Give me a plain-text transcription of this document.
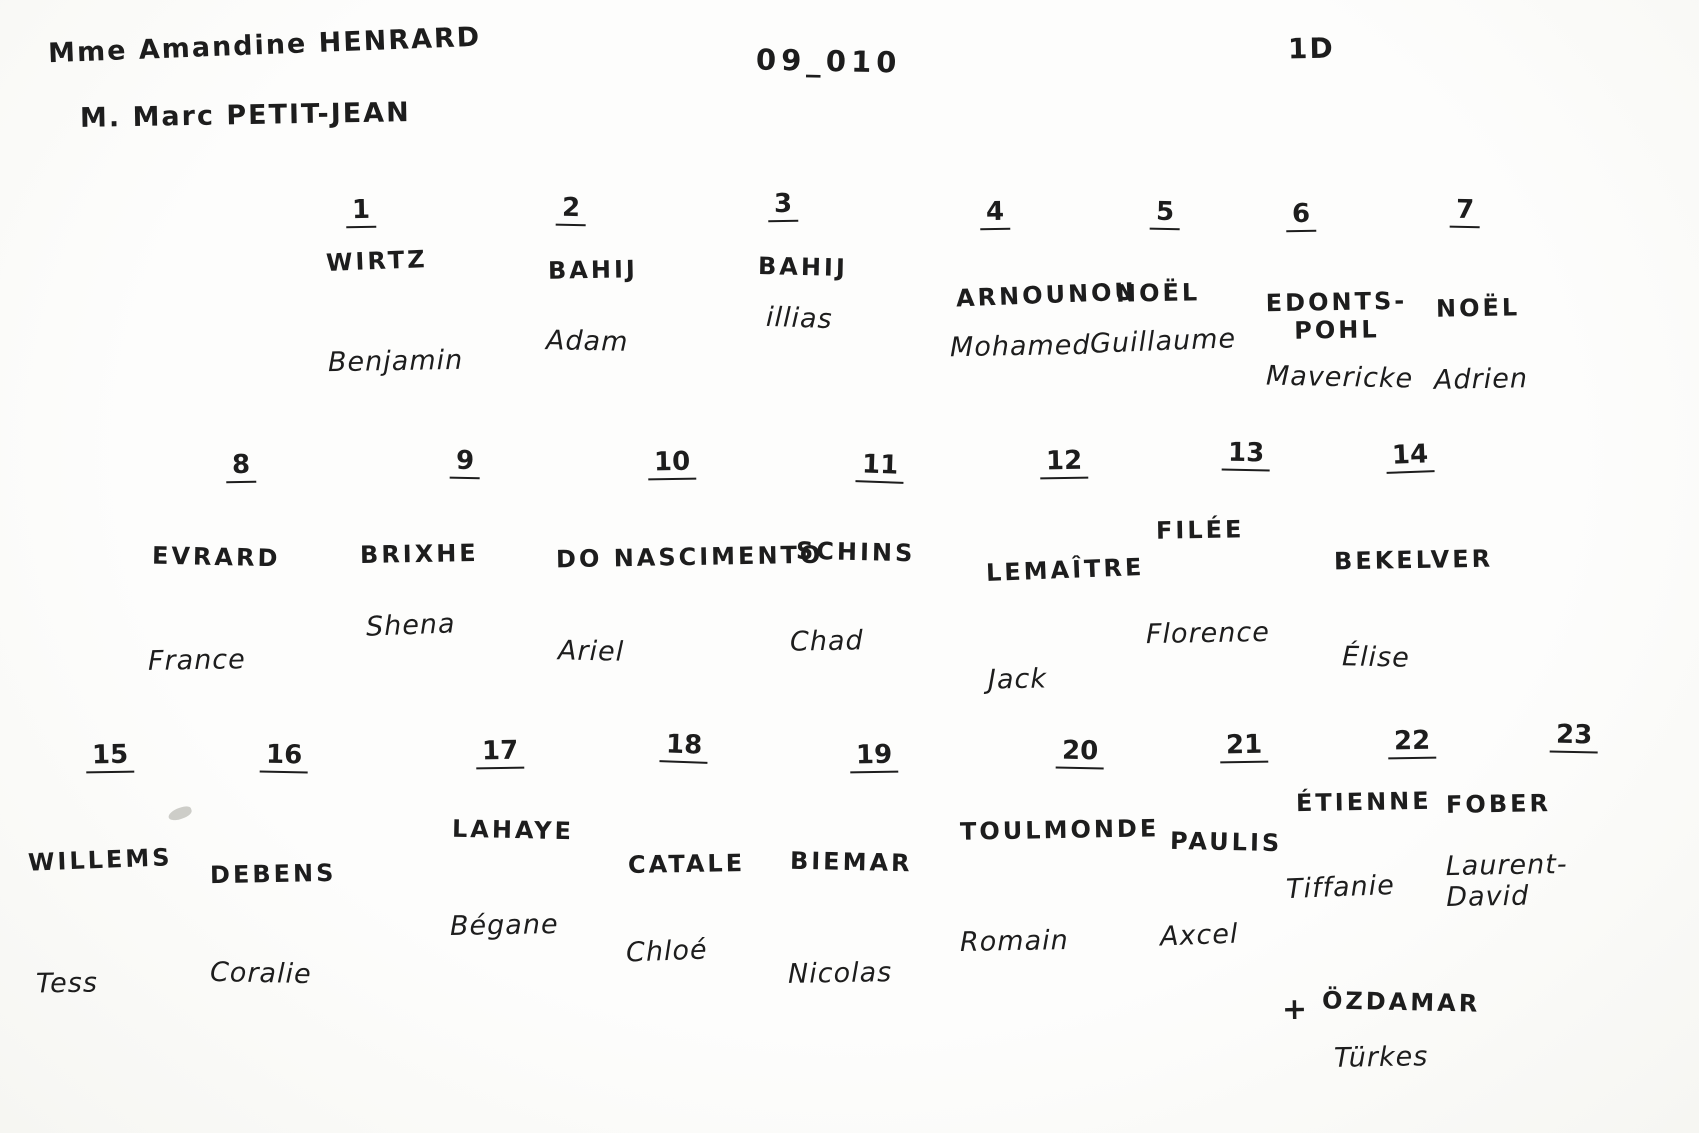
Mme Amandine HENRARD
M. Marc PETIT-JEAN
09_010	1D
1
WIRTZ
Benjamin
2
BAHIJ
Adam
3
BAHIJ
illias
4
ARNOUNOU
Mohamed
5
NOËL
Guillaume
6
EDONTS-
POHL
Mavericke
7
NOËL
Adrien
8
EVRARD
France
9
BRIXHE
Shena
10
DO NASCIMENTO
Ariel
11
SCHINS
Chad
12
LEMAÎTRE
Jack
13
FILÉE
Florence
14
BEKELVER
Élise
15
WILLEMS
Tess
16
DEBENS
Coralie
17
LAHAYE
Bégane
18
CATALE
Chloé
19
BIEMAR
Nicolas
20
TOULMONDE
Romain
21
PAULIS
Axcel
22
ÉTIENNE
Tiffanie
23
FOBER
Laurent-
David
+ ÖZDAMAR
Türkes
